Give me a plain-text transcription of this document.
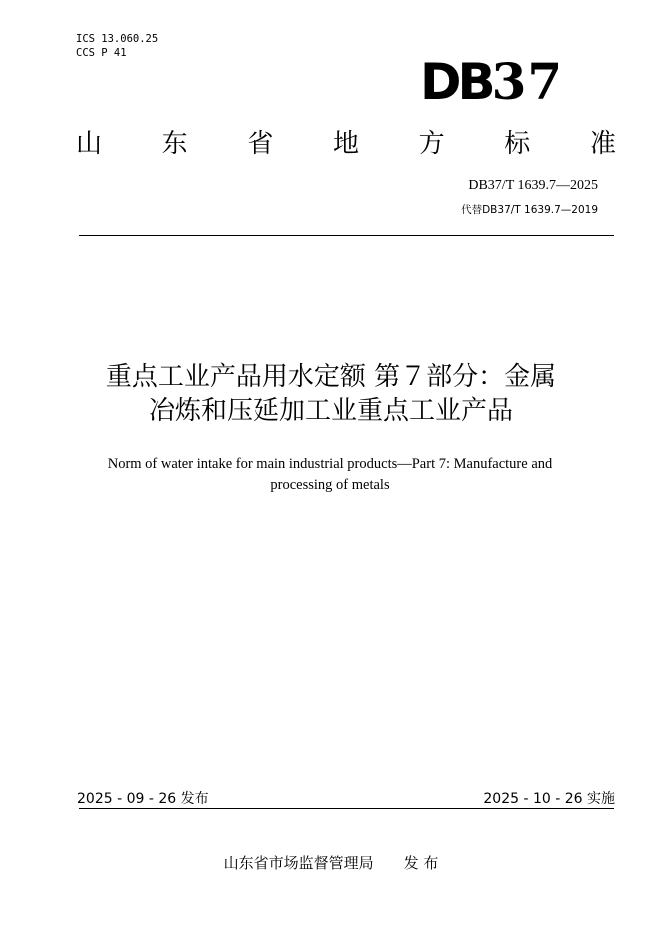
ICS 13.060.25
CCS P 41	DB37
山 东 省 地 方 标 准
DB37/T 1639.7—2025
代替DB37/T 1639.7—2019
重点工业产品用水定额 第７部分：金属
冶炼和压延加工业重点工业产品
Norm of water intake for main industrial products—Part 7: Manufacture and processing of metals
2025 - 09 - 26 发布	2025 - 10 - 26 实施
山东省市场监督管理局 发 布
